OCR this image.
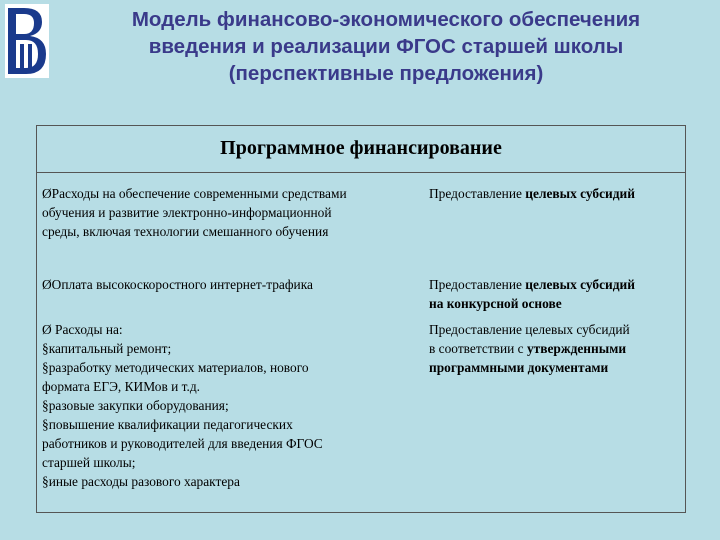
Модель финансово-экономического обеспечения
введения и реализации ФГОС старшей школы
(перспективные предложения)
Программное финансирование
ØРасходы на обеспечение современными средствами
обучения и развитие электронно-информационной
среды, включая технологии смешанного обучения
Предоставление целевых субсидий
ØОплата высокоскоростного интернет-трафика	Предоставление целевых субсидий
на конкурсной основе
Ø Расходы на:
§капитальный ремонт;
§разработку методических материалов, нового
формата ЕГЭ, КИМов и т.д.
§разовые закупки оборудования;
§повышение квалификации педагогических
работников и руководителей для введения ФГОС
старшей школы;
§иные расходы разового характера
Предоставление целевых субсидий
в соответствии с утвержденными
программными документами
